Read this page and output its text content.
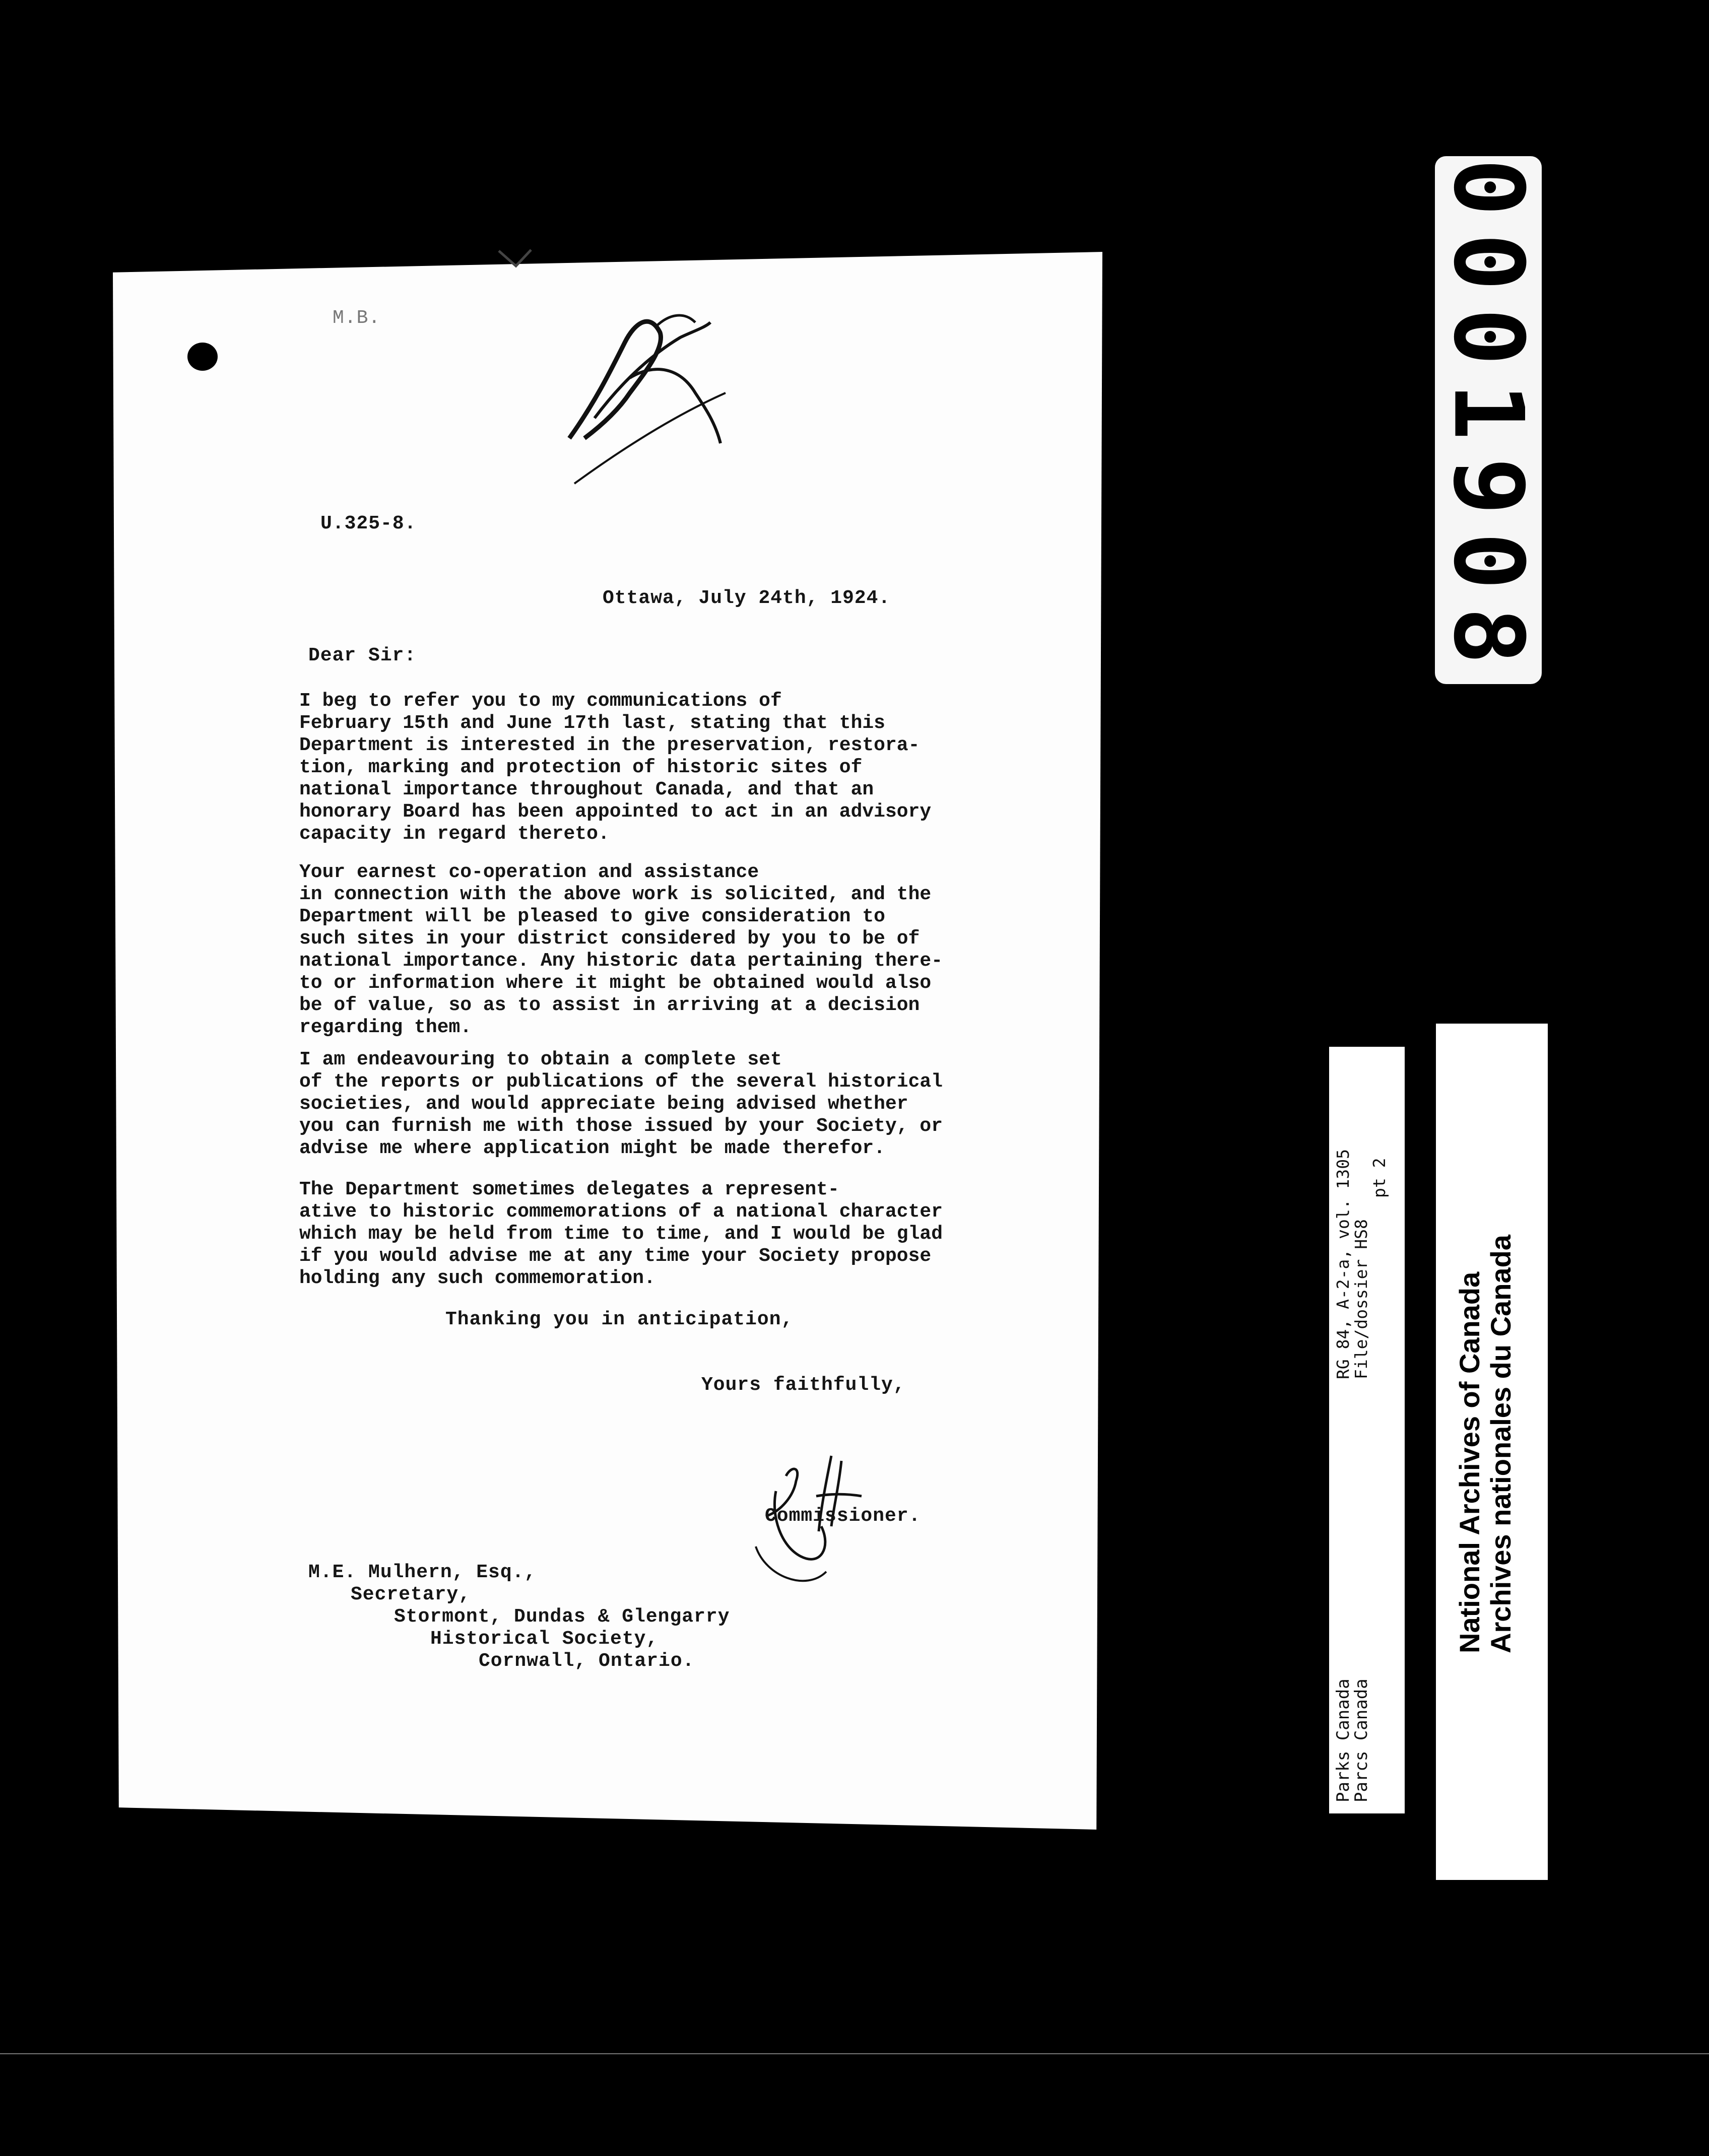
M.B.
U.325-8.
Ottawa, July 24th, 1924.
Dear Sir:
I beg to refer you to my communications of
February 15th and June 17th last, stating that this
Department is interested in the preservation, restora-
tion, marking and protection of historic sites of
national importance throughout Canada, and that an
honorary Board has been appointed to act in an advisory
capacity in regard thereto.
Your earnest co-operation and assistance
in connection with the above work is solicited, and the
Department will be pleased to give consideration to
such sites in your district considered by you to be of
national importance. Any historic data pertaining there-
to or information where it might be obtained would also
be of value, so as to assist in arriving at a decision
regarding them.
I am endeavouring to obtain a complete set
of the reports or publications of the several historical
societies, and would appreciate being advised whether
you can furnish me with those issued by your Society, or
advise me where application might be made therefor.
The Department sometimes delegates a represent-
ative to historic commemorations of a national character
which may be held from time to time, and I would be glad
if you would advise me at any time your Society propose
holding any such commemoration.
Thanking you in anticipation,
Yours faithfully,
Commissioner.
M.E. Mulhern, Esq.,
Secretary,
Stormont, Dundas & Glengarry
Historical Society,
Cornwall, Ontario.
0001908
RG 84, A-2-a, vol. 1305
File/dossier HS8
pt 2
Parks Canada
Parcs Canada
National Archives of Canada Archives nationales du Canada
